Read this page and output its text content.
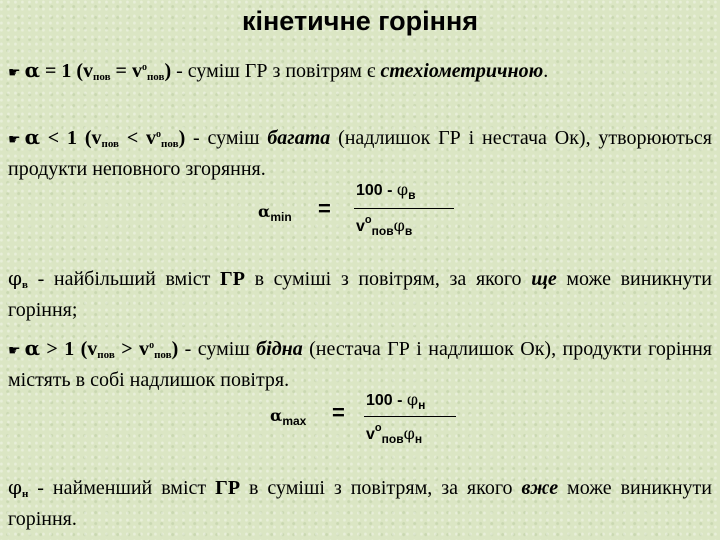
кінетичне горіння

☛ α = 1 $(v_{пов} = v^о_{пов})$ - суміш ГР з повітрям є стехіометричною.

☛ α < 1 $(v_{пов} < v^о_{пов})$ - суміш багата (надлишок ГР і нестача Ок), утворюються продукти неповного згоряння.

$\alpha_{min}$ =
$100 - \varphi_в$
$v^о_{пов}\varphi_в$

$\varphi_в$ - найбільший вміст ГР в суміші з повітрям, за якого ще може виникнути горіння;

☛ α > 1 $(v_{пов} > v^о_{пов})$ - суміш бідна (нестача ГР і надлишок Ок), продукти горіння містять в собі надлишок повітря.

$\alpha_{max} = 100 - \varphi_н$
$v^о_{пов}\varphi_н$

$\varphi_н$ - найменший вміст ГР в суміші з повітрям, за якого вже може виникнути горіння.
